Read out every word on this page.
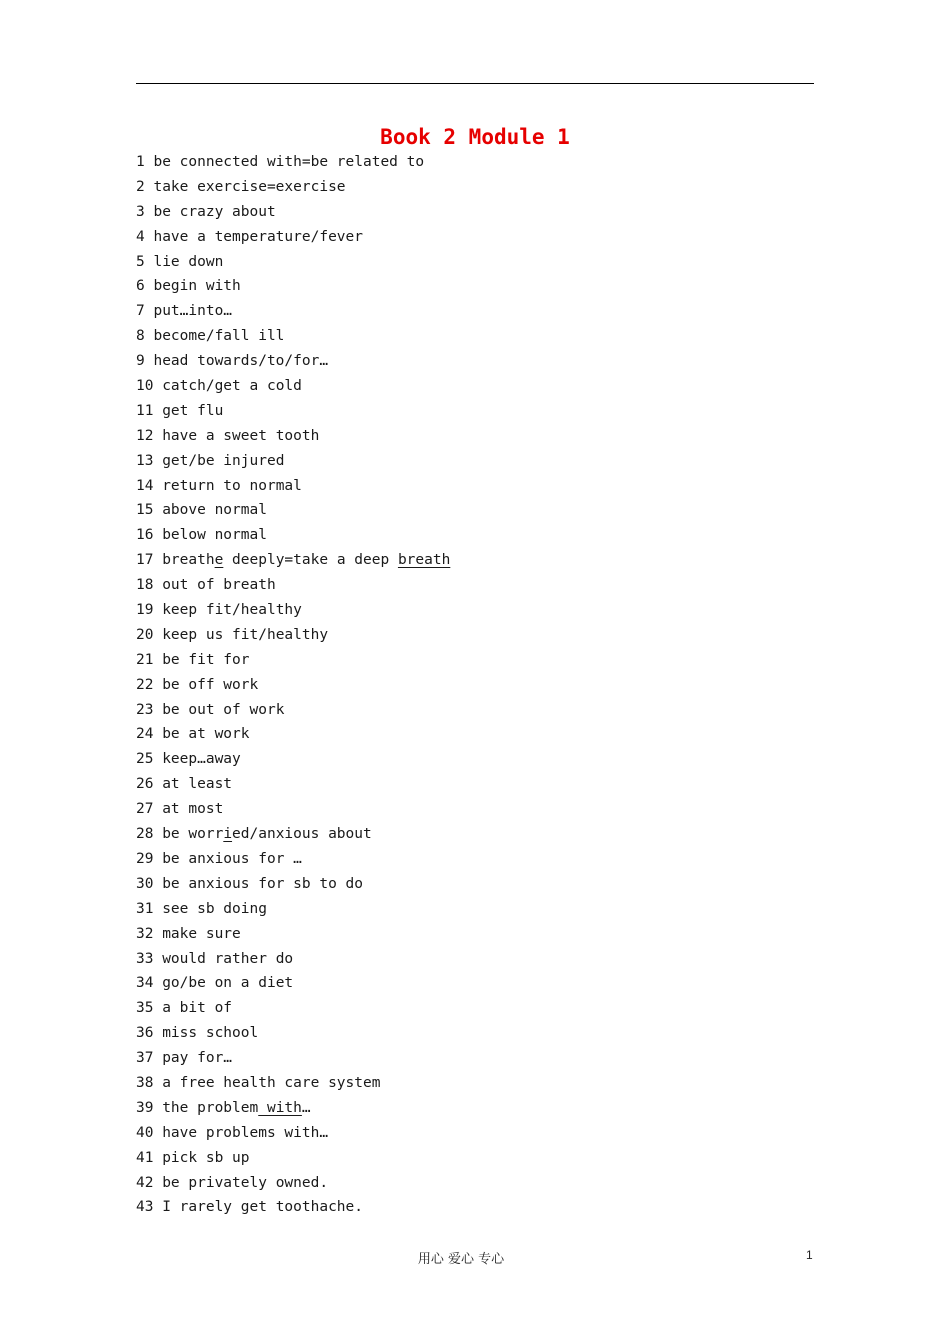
Book 2 Module 1
1 be connected with=be related to
2 take exercise=exercise
3 be crazy about
4 have a temperature/fever
5 lie down
6 begin with
7 put…into…
8 become/fall ill
9 head towards/to/for…
10 catch/get a cold
11 get flu
12 have a sweet tooth
13 get/be injured
14 return to normal
15 above normal
16 below normal
17 breathe deeply=take a deep breath
18 out of breath
19 keep fit/healthy
20 keep us fit/healthy
21 be fit for
22 be off work
23 be out of work
24 be at work
25 keep…away
26 at least
27 at most
28 be worried/anxious about
29 be anxious for …
30 be anxious for sb to do
31 see sb doing
32 make sure
33 would rather do
34 go/be on a diet
35 a bit of
36 miss school
37 pay for…
38 a free health care system
39 the problem with…
40 have problems with…
41 pick sb up
42 be privately owned.
43 I rarely get toothache.
用心 爱心 专心	1
